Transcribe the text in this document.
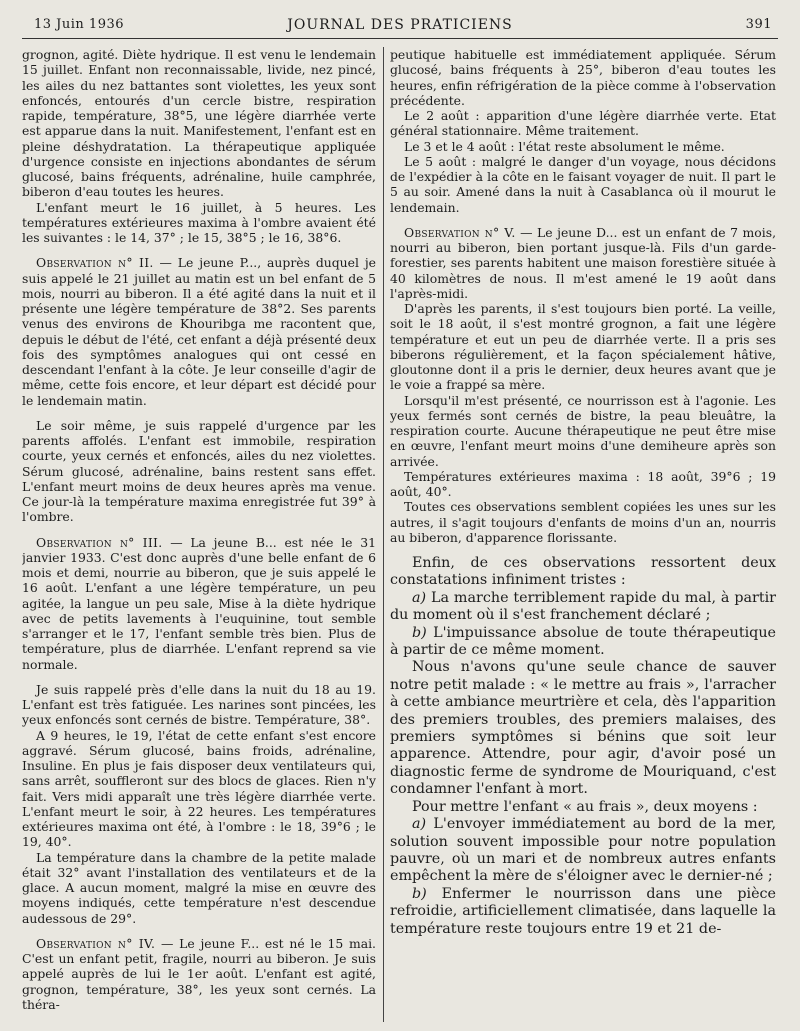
13 Juin 1936	JOURNAL DES PRATICIENS	391

grognon, agité. Diète hydrique. Il est venu le lendemain 15 juillet. Enfant non reconnaissable, livide, nez pincé, les ailes du nez battantes sont violettes, les yeux sont enfoncés, entourés d'un cercle bistre, respiration rapide, température, 38°5, une légère diarrhée verte est apparue dans la nuit. Manifestement, l'enfant est en pleine déshydratation. La thérapeutique appliquée d'urgence consiste en injections abondantes de sérum glucosé, bains fréquents, adrénaline, huile camphrée, biberon d'eau toutes les heures.

L'enfant meurt le 16 juillet, à 5 heures. Les températures extérieures maxima à l'ombre avaient été les suivantes : le 14, 37° ; le 15, 38°5 ; le 16, 38°6.

Observation n° II. — Le jeune P..., auprès duquel je suis appelé le 21 juillet au matin est un bel enfant de 5 mois, nourri au biberon. Il a été agité dans la nuit et il présente une légère température de 38°2. Ses parents venus des environs de Khouribga me racontent que, depuis le début de l'été, cet enfant a déjà présenté deux fois des symptômes analogues qui ont cessé en descendant l'enfant à la côte. Je leur conseille d'agir de même, cette fois encore, et leur départ est décidé pour le lendemain matin.

Le soir même, je suis rappelé d'urgence par les parents affolés. L'enfant est immobile, respiration courte, yeux cernés et enfoncés, ailes du nez violettes. Sérum glucosé, adrénaline, bains restent sans effet. L'enfant meurt moins de deux heures après ma venue. Ce jour-là la température maxima enregistrée fut 39° à l'ombre.

Observation n° III. — La jeune B... est née le 31 janvier 1933. C'est donc auprès d'une belle enfant de 6 mois et demi, nourrie au biberon, que je suis appelé le 16 août. L'enfant a une légère température, un peu agitée, la langue un peu sale, Mise à la diète hydrique avec de petits lavements à l'euquinine, tout semble s'arranger et le 17, l'enfant semble très bien. Plus de température, plus de diarrhée. L'enfant reprend sa vie normale.

Je suis rappelé près d'elle dans la nuit du 18 au 19. L'enfant est très fatiguée. Les narines sont pincées, les yeux enfoncés sont cernés de bistre. Température, 38°.

A 9 heures, le 19, l'état de cette enfant s'est encore aggravé. Sérum glucosé, bains froids, adrénaline, Insuline. En plus je fais disposer deux ventilateurs qui, sans arrêt, souffleront sur des blocs de glaces. Rien n'y fait. Vers midi apparaît une très légère diarrhée verte. L'enfant meurt le soir, à 22 heures. Les températures extérieures maxima ont été, à l'ombre : le 18, 39°6 ; le 19, 40°.

La température dans la chambre de la petite malade était 32° avant l'installation des ventilateurs et de la glace. A aucun moment, malgré la mise en œuvre des moyens indiqués, cette température n'est descendue audessous de 29°.

Observation n° IV. — Le jeune F... est né le 15 mai. C'est un enfant petit, fragile, nourri au biberon. Je suis appelé auprès de lui le 1er août. L'enfant est agité, grognon, température, 38°, les yeux sont cernés. La théra-

peutique habituelle est immédiatement appliquée. Sérum glucosé, bains fréquents à 25°, biberon d'eau toutes les heures, enfin réfrigération de la pièce comme à l'observation précédente.

Le 2 août : apparition d'une légère diarrhée verte. Etat général stationnaire. Même traitement.

Le 3 et le 4 août : l'état reste absolument le même.

Le 5 août : malgré le danger d'un voyage, nous décidons de l'expédier à la côte en le faisant voyager de nuit. Il part le 5 au soir. Amené dans la nuit à Casablanca où il mourut le lendemain.

Observation n° V. — Le jeune D... est un enfant de 7 mois, nourri au biberon, bien portant jusque-là. Fils d'un garde-forestier, ses parents habitent une maison forestière située à 40 kilomètres de nous. Il m'est amené le 19 août dans l'après-midi.

D'après les parents, il s'est toujours bien porté. La veille, soit le 18 août, il s'est montré grognon, a fait une légère température et eut un peu de diarrhée verte. Il a pris ses biberons régulièrement, et la façon spécialement hâtive, gloutonne dont il a pris le dernier, deux heures avant que je le voie a frappé sa mère.

Lorsqu'il m'est présenté, ce nourrisson est à l'agonie. Les yeux fermés sont cernés de bistre, la peau bleuâtre, la respiration courte. Aucune thérapeutique ne peut être mise en œuvre, l'enfant meurt moins d'une demiheure après son arrivée.

Températures extérieures maxima : 18 août, 39°6 ; 19 août, 40°.

Toutes ces observations semblent copiées les unes sur les autres, il s'agit toujours d'enfants de moins d'un an, nourris au biberon, d'apparence florissante.

Enfin, de ces observations ressortent deux constatations infiniment tristes :

a) La marche terriblement rapide du mal, à partir du moment où il s'est franchement déclaré ;

b) L'impuissance absolue de toute thérapeutique à partir de ce même moment.

Nous n'avons qu'une seule chance de sauver notre petit malade : « le mettre au frais », l'arracher à cette ambiance meurtrière et cela, dès l'apparition des premiers troubles, des premiers malaises, des premiers symptômes si bénins que soit leur apparence. Attendre, pour agir, d'avoir posé un diagnostic ferme de syndrome de Mouriquand, c'est condamner l'enfant à mort.

Pour mettre l'enfant « au frais », deux moyens :

a) L'envoyer immédiatement au bord de la mer, solution souvent impossible pour notre population pauvre, où un mari et de nombreux autres enfants empêchent la mère de s'éloigner avec le dernier-né ;

b) Enfermer le nourrisson dans une pièce refroidie, artificiellement climatisée, dans laquelle la température reste toujours entre 19 et 21 de-
